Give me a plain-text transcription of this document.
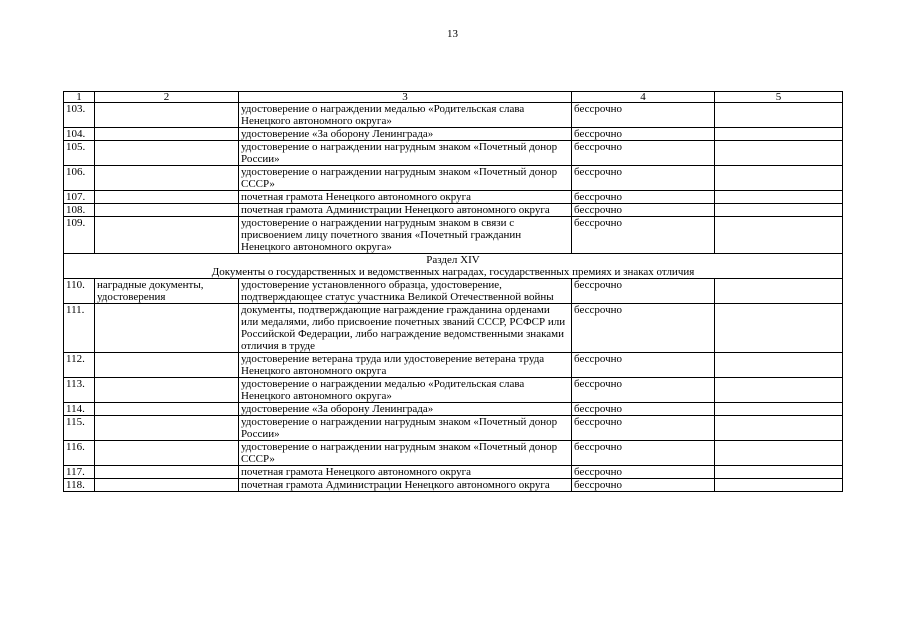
13
1	2	3	4	5
103.		удостоверение о награждении медалью «Родительская слава Ненецкого автономного округа»	бессрочно	
104.		удостоверение «За оборону Ленинграда»	бессрочно	
105.		удостоверение о награждении нагрудным знаком «Почетный донор России»	бессрочно	
106.		удостоверение о награждении нагрудным знаком «Почетный донор СССР»	бессрочно	
107.		почетная грамота Ненецкого автономного округа	бессрочно	
108.		почетная грамота Администрации Ненецкого автономного округа	бессрочно	
109.		удостоверение о награждении нагрудным знаком в связи с присвоением лицу почетного звания «Почетный гражданин Ненецкого автономного округа»	бессрочно	

Раздел XIV
Документы о государственных и ведомственных наградах, государственных премиях и знаках отличия				

110.	наградные документы, удостоверения	удостоверение установленного образца, удостоверение, подтверждающее статус участника Великой Отечественной войны	бессрочно	
111.		документы, подтверждающие награждение гражданина орденами или медалями, либо присвоение почетных званий СССР, РСФСР или Российской Федерации, либо награждение ведомственными знаками отличия в труде	бессрочно	
112.		удостоверение ветерана труда или удостоверение ветерана труда Ненецкого автономного округа	бессрочно	
113.		удостоверение о награждении медалью «Родительская слава Ненецкого автономного округа»	бессрочно	
114.		удостоверение «За оборону Ленинграда»	бессрочно	
115.		удостоверение о награждении нагрудным знаком «Почетный донор России»	бессрочно	
116.		удостоверение о награждении нагрудным знаком «Почетный донор СССР»	бессрочно	
117.		почетная грамота Ненецкого автономного округа	бессрочно	
118.		почетная грамота Администрации Ненецкого автономного округа	бессрочно	
